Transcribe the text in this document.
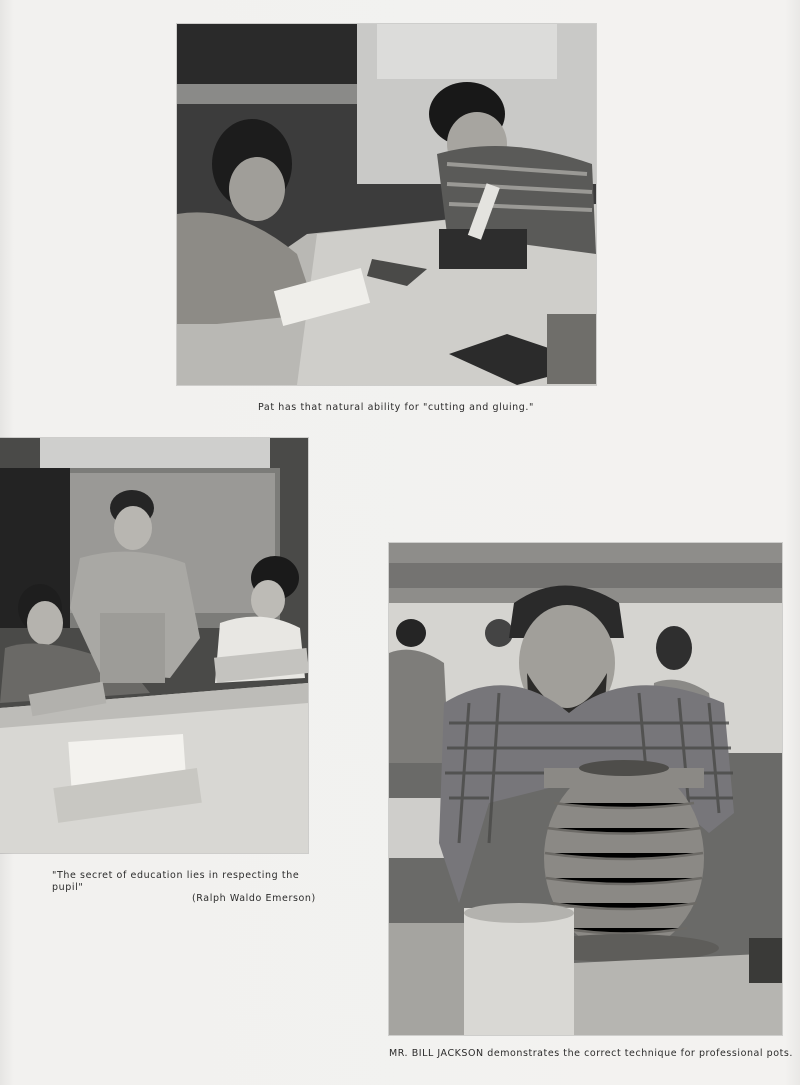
Pat has that natural ability for "cutting and gluing."
"The secret of education lies in respecting the
pupil"
(Ralph Waldo Emerson)
MR. BILL JACKSON demonstrates the correct technique for professional pots.
